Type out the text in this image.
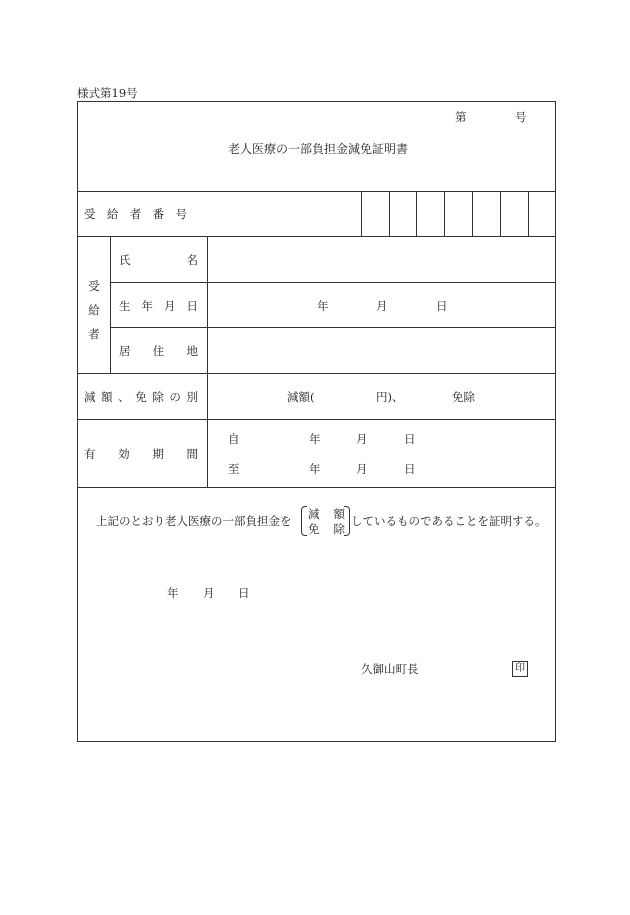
様式第19号
第	号
老人医療の一部負担金減免証明書
受 給 者 番 号
受
給
者
氏	名
生 年 月 日	年	月	日
居 住 地
減 額 、 免 除 の 別	減額(	円)、	免除
有 効 期 間
自	年	月	日
至	年	月	日
上記のとおり老人医療の一部負担金を 減 額
免 除
しているものであることを証明する。
年 月 日
久御山町長	印
